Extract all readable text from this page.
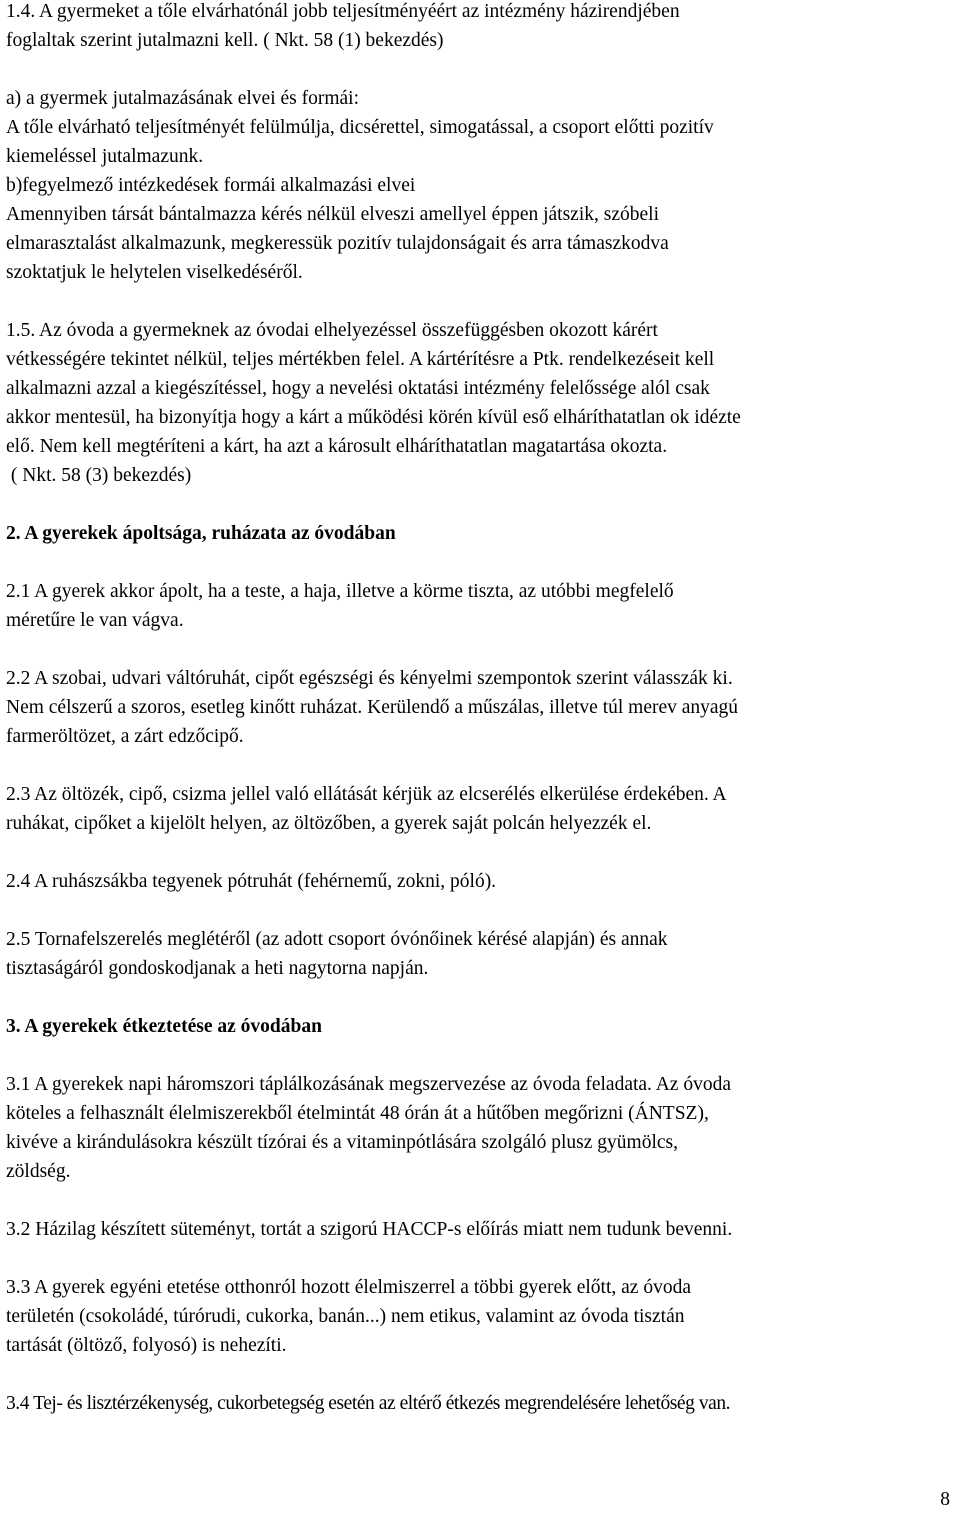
1.4. A gyermeket a tőle elvárhatónál jobb teljesítményéért az intézmény házirendjében
foglaltak szerint jutalmazni kell. ( Nkt. 58 (1) bekezdés)
a) a gyermek jutalmazásának elvei és formái:
A tőle elvárható teljesítményét felülmúlja, dicsérettel, simogatással, a csoport előtti pozitív
kiemeléssel jutalmazunk.
b)fegyelmező intézkedések formái alkalmazási elvei
Amennyiben társát bántalmazza kérés nélkül elveszi amellyel éppen játszik, szóbeli
elmarasztalást alkalmazunk, megkeressük pozitív tulajdonságait és arra támaszkodva
szoktatjuk le helytelen viselkedéséről.
1.5. Az óvoda a gyermeknek az óvodai elhelyezéssel összefüggésben okozott kárért
vétkességére tekintet nélkül, teljes mértékben felel. A kártérítésre a Ptk. rendelkezéseit kell
alkalmazni azzal a kiegészítéssel, hogy a nevelési oktatási intézmény felelőssége alól csak
akkor mentesül, ha bizonyítja hogy a kárt a működési körén kívül eső elháríthatatlan ok idézte
elő. Nem kell megtéríteni a kárt, ha azt a károsult elháríthatatlan magatartása okozta.
( Nkt. 58 (3) bekezdés)
2. A gyerekek ápoltsága, ruházata az óvodában
2.1 A gyerek akkor ápolt, ha a teste, a haja, illetve a körme tiszta, az utóbbi megfelelő
méretűre le van vágva.
2.2 A szobai, udvari váltóruhát, cipőt egészségi és kényelmi szempontok szerint válasszák ki.
Nem célszerű a szoros, esetleg kinőtt ruházat. Kerülendő a műszálas, illetve túl merev anyagú
farmeröltözet, a zárt edzőcipő.
2.3 Az öltözék, cipő, csizma jellel való ellátását kérjük az elcserélés elkerülése érdekében. A
ruhákat, cipőket a kijelölt helyen, az öltözőben, a gyerek saját polcán helyezzék el.
2.4 A ruhászsákba tegyenek pótruhát (fehérnemű, zokni, póló).
2.5 Tornafelszerelés meglétéről (az adott csoport óvónőinek kérésé alapján) és annak
tisztaságáról gondoskodjanak a heti nagytorna napján.
3. A gyerekek étkeztetése az óvodában
3.1 A gyerekek napi háromszori táplálkozásának megszervezése az óvoda feladata. Az óvoda
köteles a felhasznált élelmiszerekből ételmintát 48 órán át a hűtőben megőrizni (ÁNTSZ),
kivéve a kirándulásokra készült tízórai és a vitaminpótlására szolgáló plusz gyümölcs,
zöldség.
3.2 Házilag készített süteményt, tortát a szigorú HACCP-s előírás miatt nem tudunk bevenni.
3.3 A gyerek egyéni etetése otthonról hozott élelmiszerrel a többi gyerek előtt, az óvoda
területén (csokoládé, túrórudi, cukorka, banán...) nem etikus, valamint az óvoda tisztán
tartását (öltöző, folyosó) is nehezíti.
3.4 Tej- és lisztérzékenység, cukorbetegség esetén az eltérő étkezés megrendelésére lehetőség van.
8
